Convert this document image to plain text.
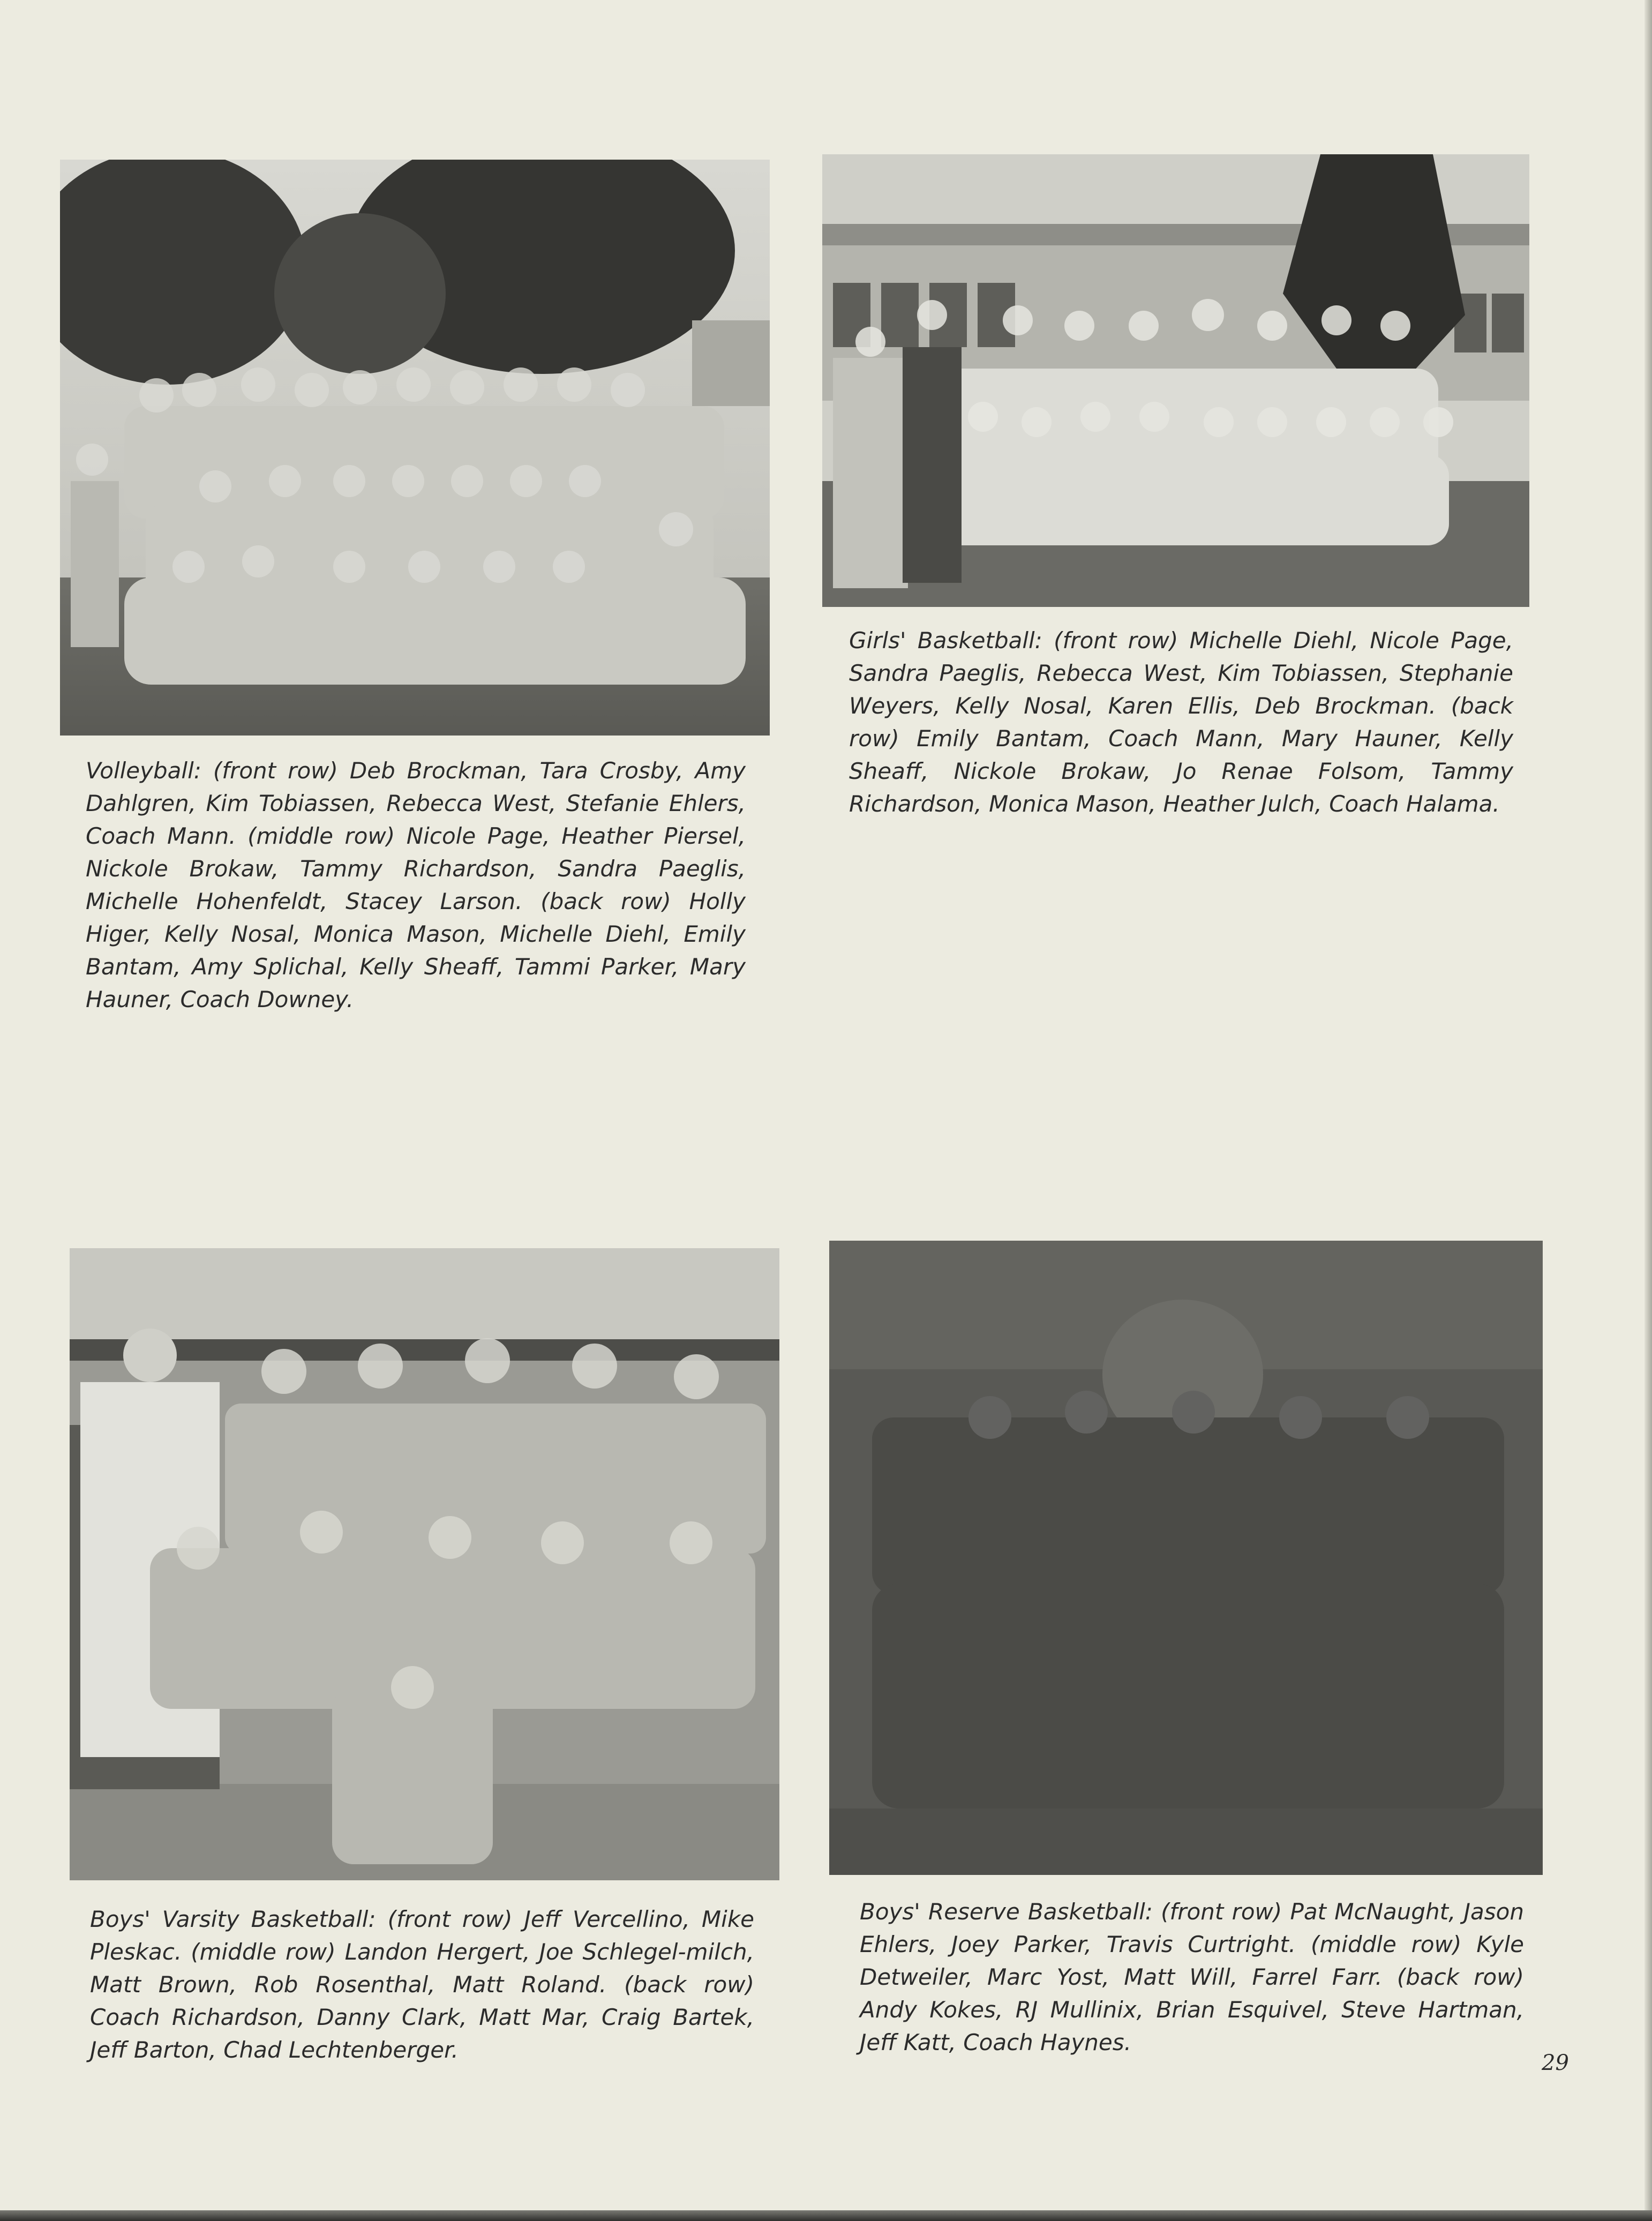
Volleyball: (front row) Deb Brockman, Tara Crosby, Amy Dahlgren, Kim Tobiassen, Rebecca West, Stefanie Ehlers, Coach Mann. (middle row) Nicole Page, Heather Piersel, Nickole Brokaw, Tammy Richardson, Sandra Paeglis, Michelle Hohenfeldt, Stacey Larson. (back row) Holly Higer, Kelly Nosal, Monica Mason, Michelle Diehl, Emily Bantam, Amy Splichal, Kelly Sheaff, Tammi Parker, Mary Hauner, Coach Downey.

Girls' Basketball: (front row) Michelle Diehl, Nicole Page, Sandra Paeglis, Rebecca West, Kim Tobiassen, Stephanie Weyers, Kelly Nosal, Karen Ellis, Deb Brockman. (back row) Emily Bantam, Coach Mann, Mary Hauner, Kelly Sheaff, Nickole Brokaw, Jo Renae Folsom, Tammy Richardson, Monica Mason, Heather Julch, Coach Halama.

Boys' Varsity Basketball: (front row) Jeff Vercellino, Mike Pleskac. (middle row) Landon Hergert, Joe Schlegel-milch, Matt Brown, Rob Rosenthal, Matt Roland. (back row) Coach Richardson, Danny Clark, Matt Mar, Craig Bartek, Jeff Barton, Chad Lechtenberger.

Boys' Reserve Basketball: (front row) Pat McNaught, Jason Ehlers, Joey Parker, Travis Curtright. (middle row) Kyle Detweiler, Marc Yost, Matt Will, Farrel Farr. (back row) Andy Kokes, RJ Mullinix, Brian Esquivel, Steve Hartman, Jeff Katt, Coach Haynes.

29
